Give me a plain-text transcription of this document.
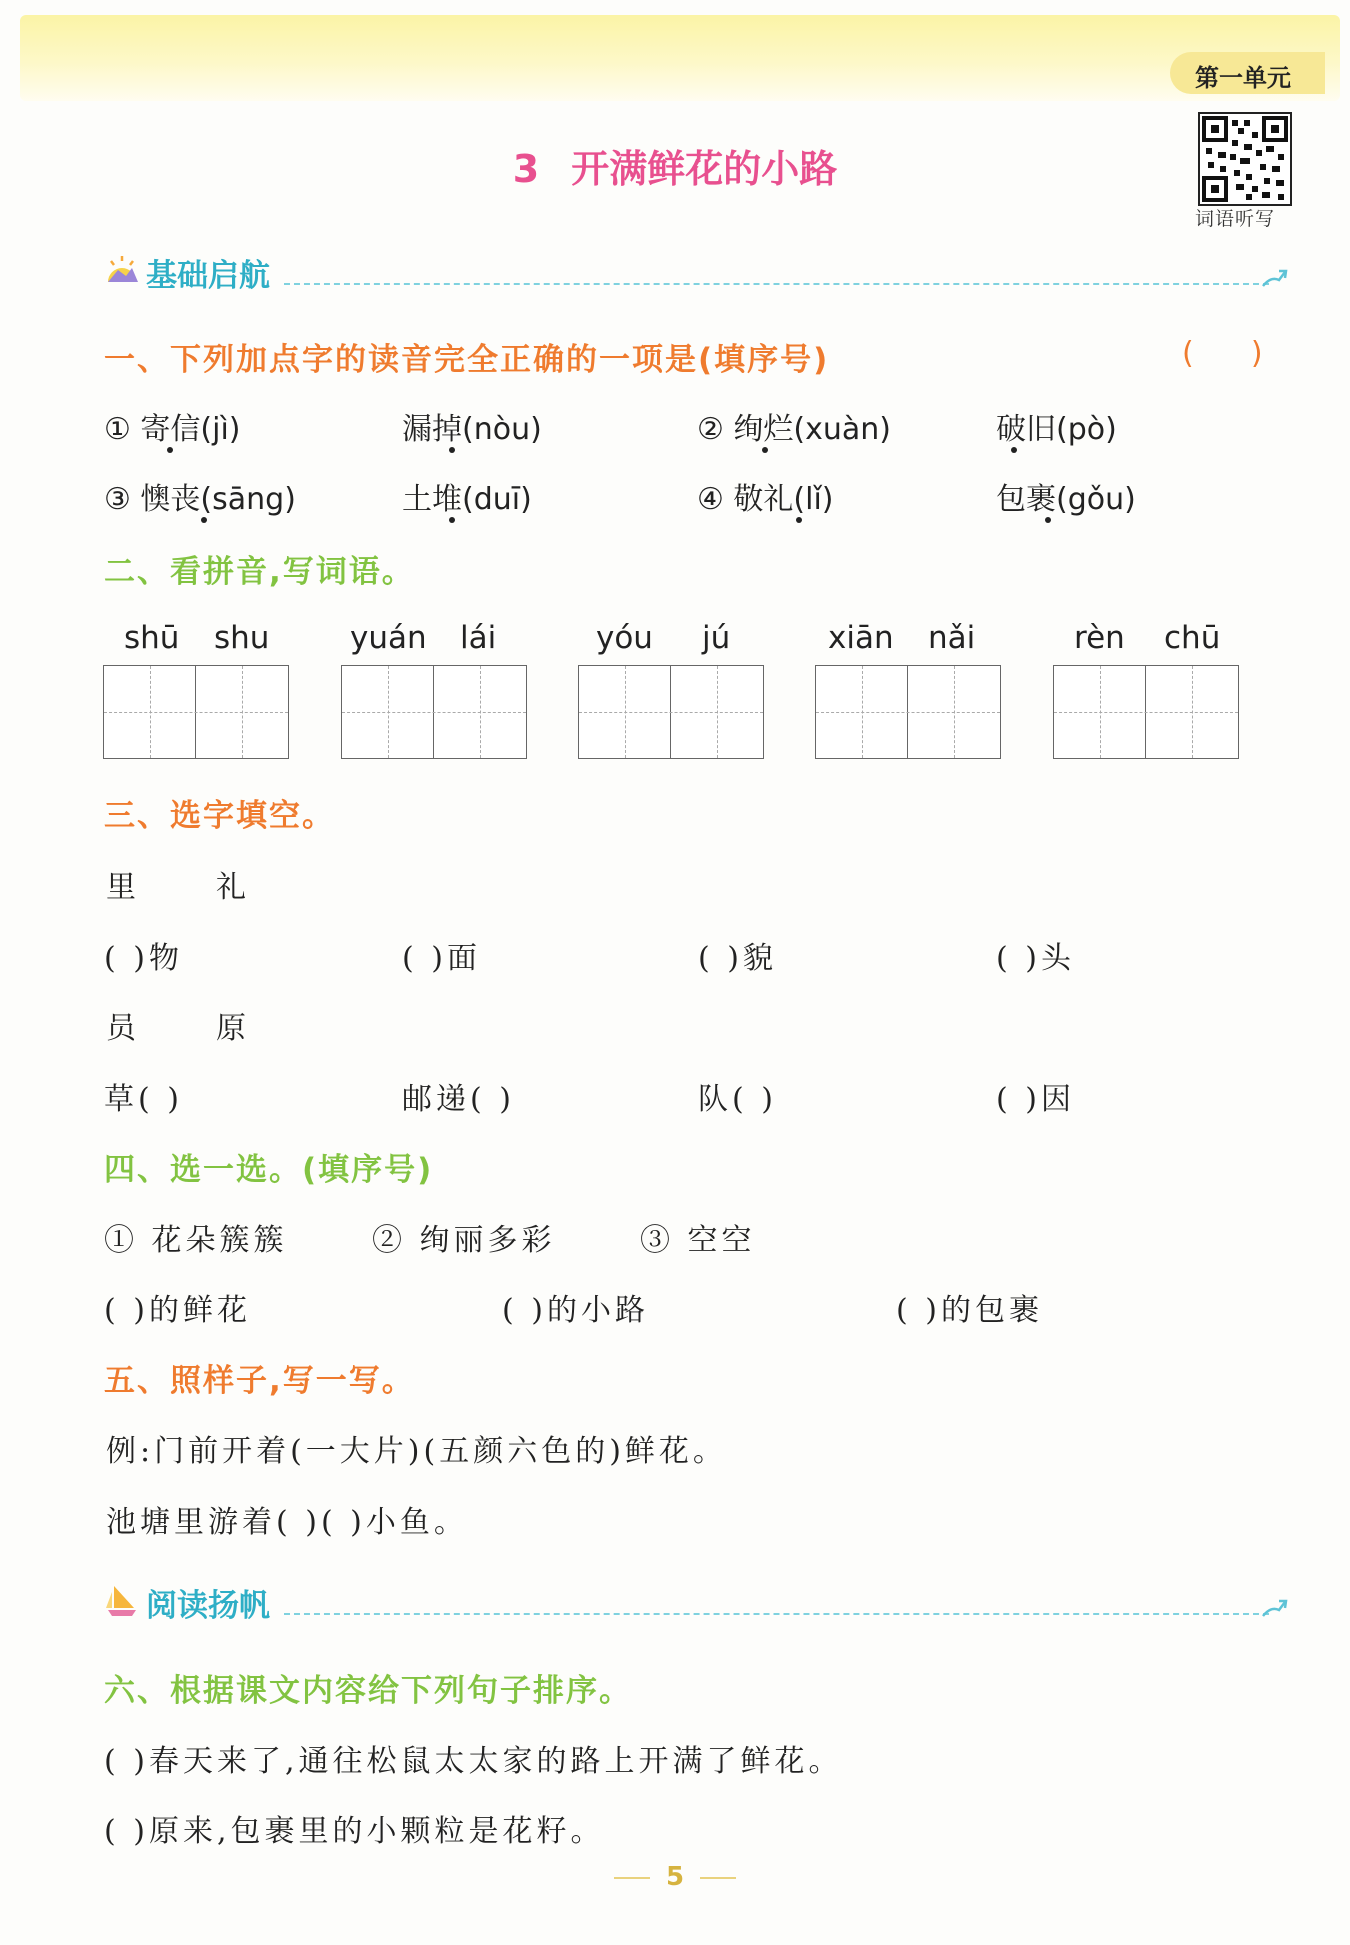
第一单元
3 开满鲜花的小路
词语听写
基础启航
一、下列加点字的读音完全正确的一项是(填序号)	(      )
① 寄信(jì)	漏掉(nòu)	② 绚烂(xuàn)	破旧(pò)
③ 懊丧(sāng)	土堆(duī)	④ 敬礼(lǐ)	包裹(gǒu)
二、看拼音,写词语。
shū shu	yuán lái	yóu jú	xiān nǎi	rèn chū
三、选字填空。
里	礼
( )物	( )面	( )貌	( )头
员	原
草( )	邮递( )	队( )	( )因
四、选一选。(填序号)
① 花朵簇簇	② 绚丽多彩	③ 空空
( )的鲜花	( )的小路	( )的包裹
五、照样子,写一写。
例:门前开着(一大片)(五颜六色的)鲜花。
池塘里游着( )( )小鱼。
阅读扬帆
六、根据课文内容给下列句子排序。
( )春天来了,通往松鼠太太家的路上开满了鲜花。
( )原来,包裹里的小颗粒是花籽。
5
